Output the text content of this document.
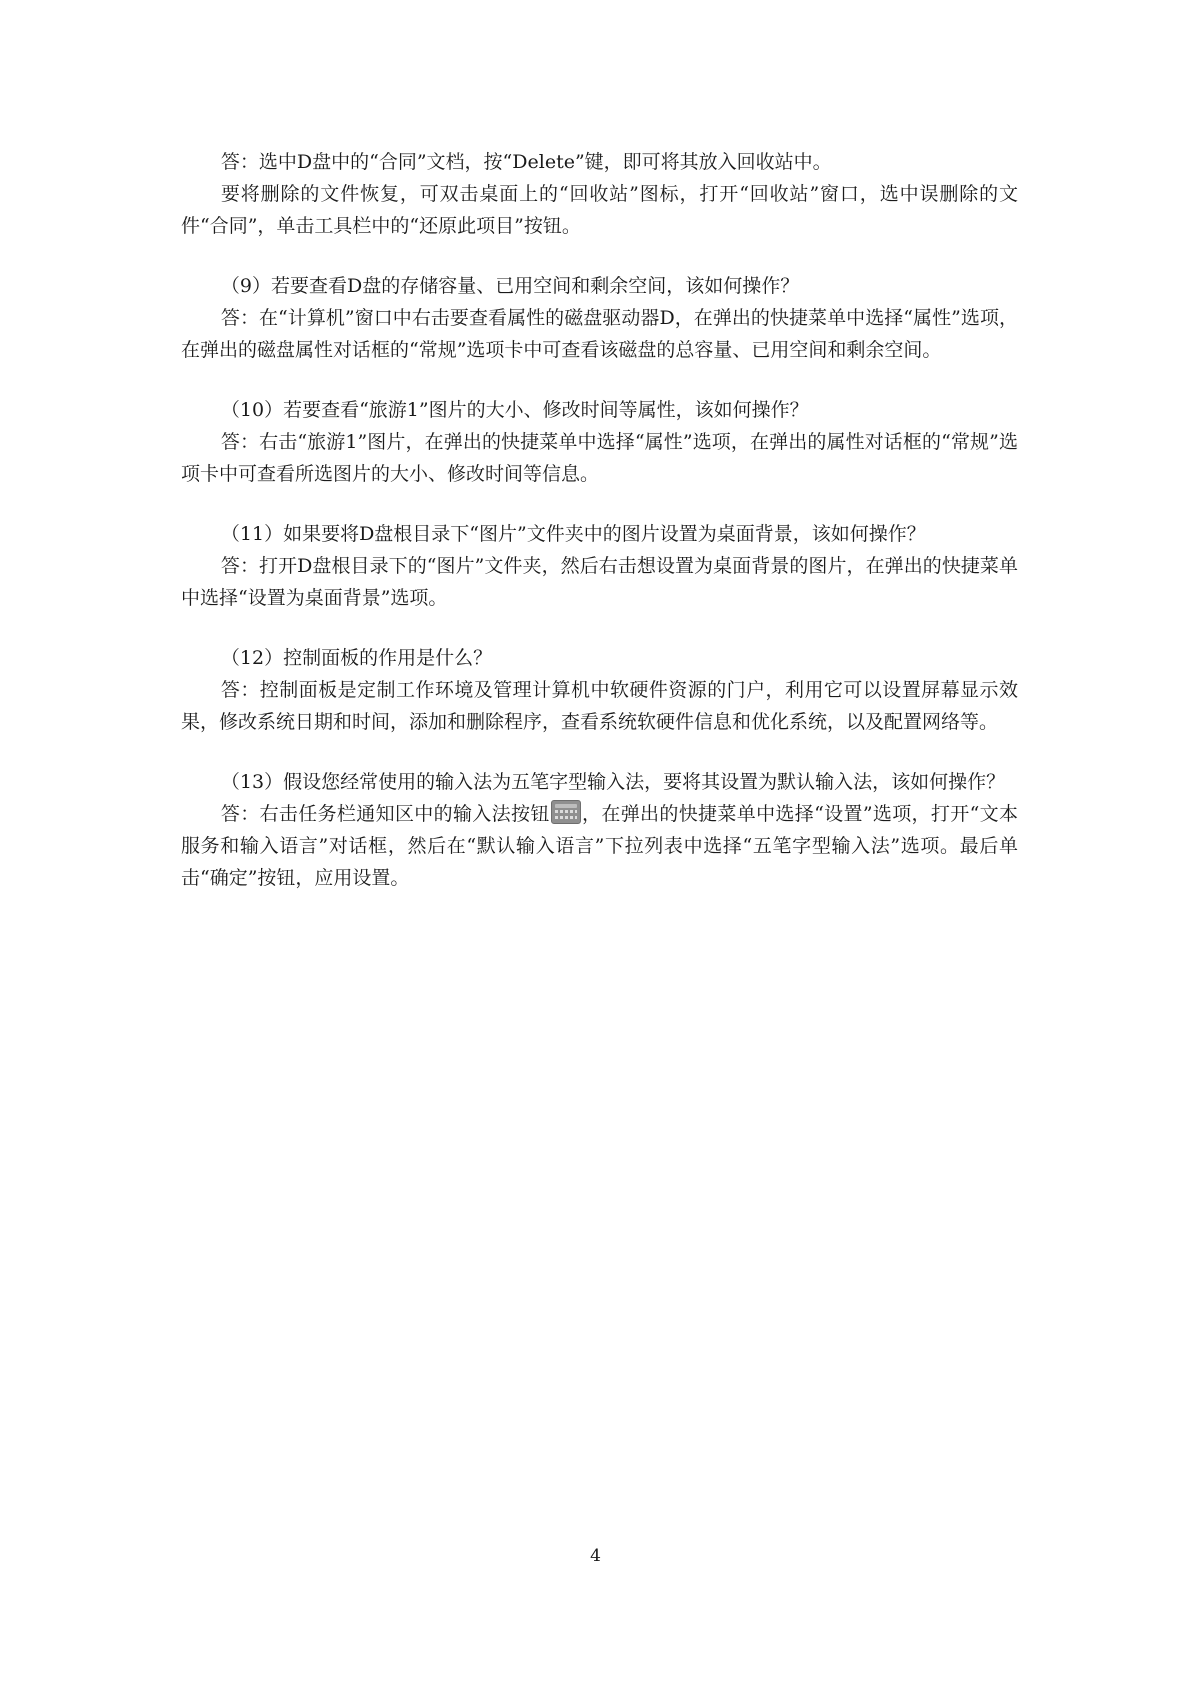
答：选中D盘中的“合同”文档，按“Delete”键，即可将其放入回收站中。

要将删除的文件恢复，可双击桌面上的“回收站”图标，打开“回收站”窗口，选中误删除的文件“合同”，单击工具栏中的“还原此项目”按钮。

（9）若要查看D盘的存储容量、已用空间和剩余空间，该如何操作？

答：在“计算机”窗口中右击要查看属性的磁盘驱动器D，在弹出的快捷菜单中选择“属性”选项，在弹出的磁盘属性对话框的“常规”选项卡中可查看该磁盘的总容量、已用空间和剩余空间。

（10）若要查看“旅游1”图片的大小、修改时间等属性，该如何操作？

答：右击“旅游1”图片，在弹出的快捷菜单中选择“属性”选项，在弹出的属性对话框的“常规”选项卡中可查看所选图片的大小、修改时间等信息。

（11）如果要将D盘根目录下“图片”文件夹中的图片设置为桌面背景，该如何操作？

答：打开D盘根目录下的“图片”文件夹，然后右击想设置为桌面背景的图片，在弹出的快捷菜单中选择“设置为桌面背景”选项。

（12）控制面板的作用是什么？

答：控制面板是定制工作环境及管理计算机中软硬件资源的门户，利用它可以设置屏幕显示效果，修改系统日期和时间，添加和删除程序，查看系统软硬件信息和优化系统，以及配置网络等。

（13）假设您经常使用的输入法为五笔字型输入法，要将其设置为默认输入法，该如何操作？

答：右击任务栏通知区中的输入法按钮 ，在弹出的快捷菜单中选择“设置”选项，打开“文本服务和输入语言”对话框，然后在“默认输入语言”下拉列表中选择“五笔字型输入法”选项。最后单击“确定”按钮，应用设置。

4
